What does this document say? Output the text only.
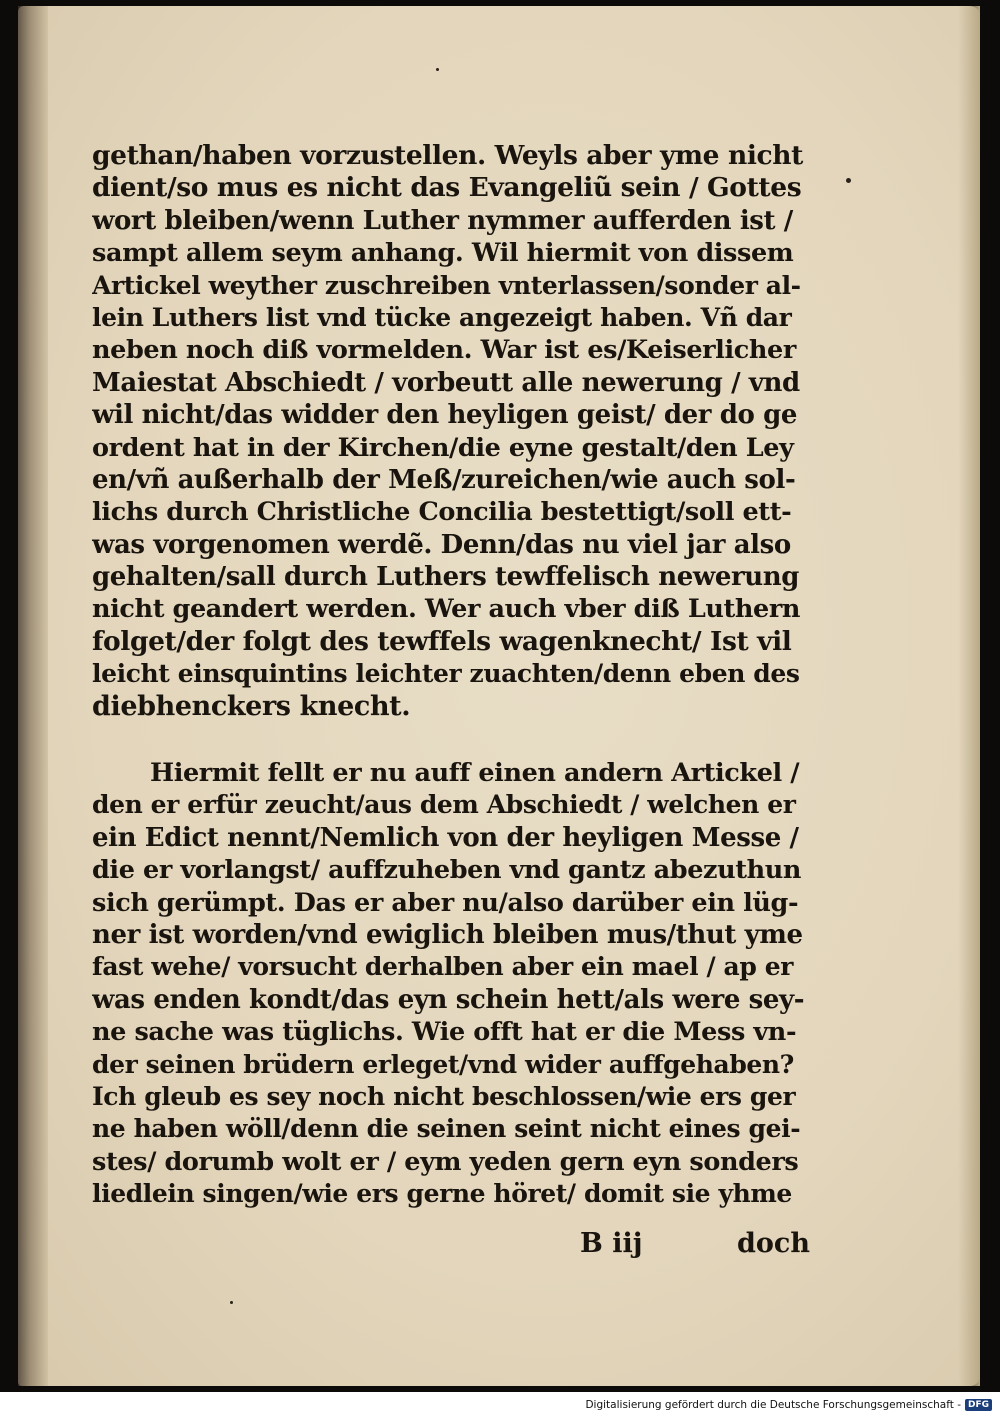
gethan/haben vorzustellen. Weyls aber yme nicht
dient/so mus es nicht das Evangeliũ sein / Gottes
wort bleiben/wenn Luther nymmer aufferden ist /
sampt allem seym anhang. Wil hiermit von dissem
Artickel weyther zuschreiben vnterlassen/sonder al-
lein Luthers list vnd tücke angezeigt haben. Vñ dar
neben noch diß vormelden. War ist es/Keiserlicher
Maiestat Abschiedt / vorbeutt alle newerung / vnd
wil nicht/das widder den heyligen geist/ der do ge
ordent hat in der Kirchen/die eyne gestalt/den Ley
en/vñ außerhalb der Meß/zureichen/wie auch sol-
lichs durch Christliche Concilia bestettigt/soll ett-
was vorgenomen werdẽ. Denn/das nu viel jar also
gehalten/sall durch Luthers tewffelisch newerung
nicht geandert werden. Wer auch vber diß Luthern
folget/der folgt des tewffels wagenknecht/ Ist vil
leicht einsquintins leichter zuachten/denn eben des
diebhenckers knecht.
Hiermit fellt er nu auff einen andern Artickel /
den er erfür zeucht/aus dem Abschiedt / welchen er
ein Edict nennt/Nemlich von der heyligen Messe /
die er vorlangst/ auffzuheben vnd gantz abezuthun
sich gerümpt. Das er aber nu/also darüber ein lüg-
ner ist worden/vnd ewiglich bleiben mus/thut yme
fast wehe/ vorsucht derhalben aber ein mael / ap er
was enden kondt/das eyn schein hett/als were sey-
ne sache was tüglichs. Wie offt hat er die Mess vn-
der seinen brüdern erleget/vnd wider auffgehaben?
Ich gleub es sey noch nicht beschlossen/wie ers ger
ne haben wöll/denn die seinen seint nicht eines gei-
stes/ dorumb wolt er / eym yeden gern eyn sonders
liedlein singen/wie ers gerne höret/ domit sie yhme
B iij	doch
Digitalisierung gefördert durch die Deutsche Forschungsgemeinschaft - DFG
